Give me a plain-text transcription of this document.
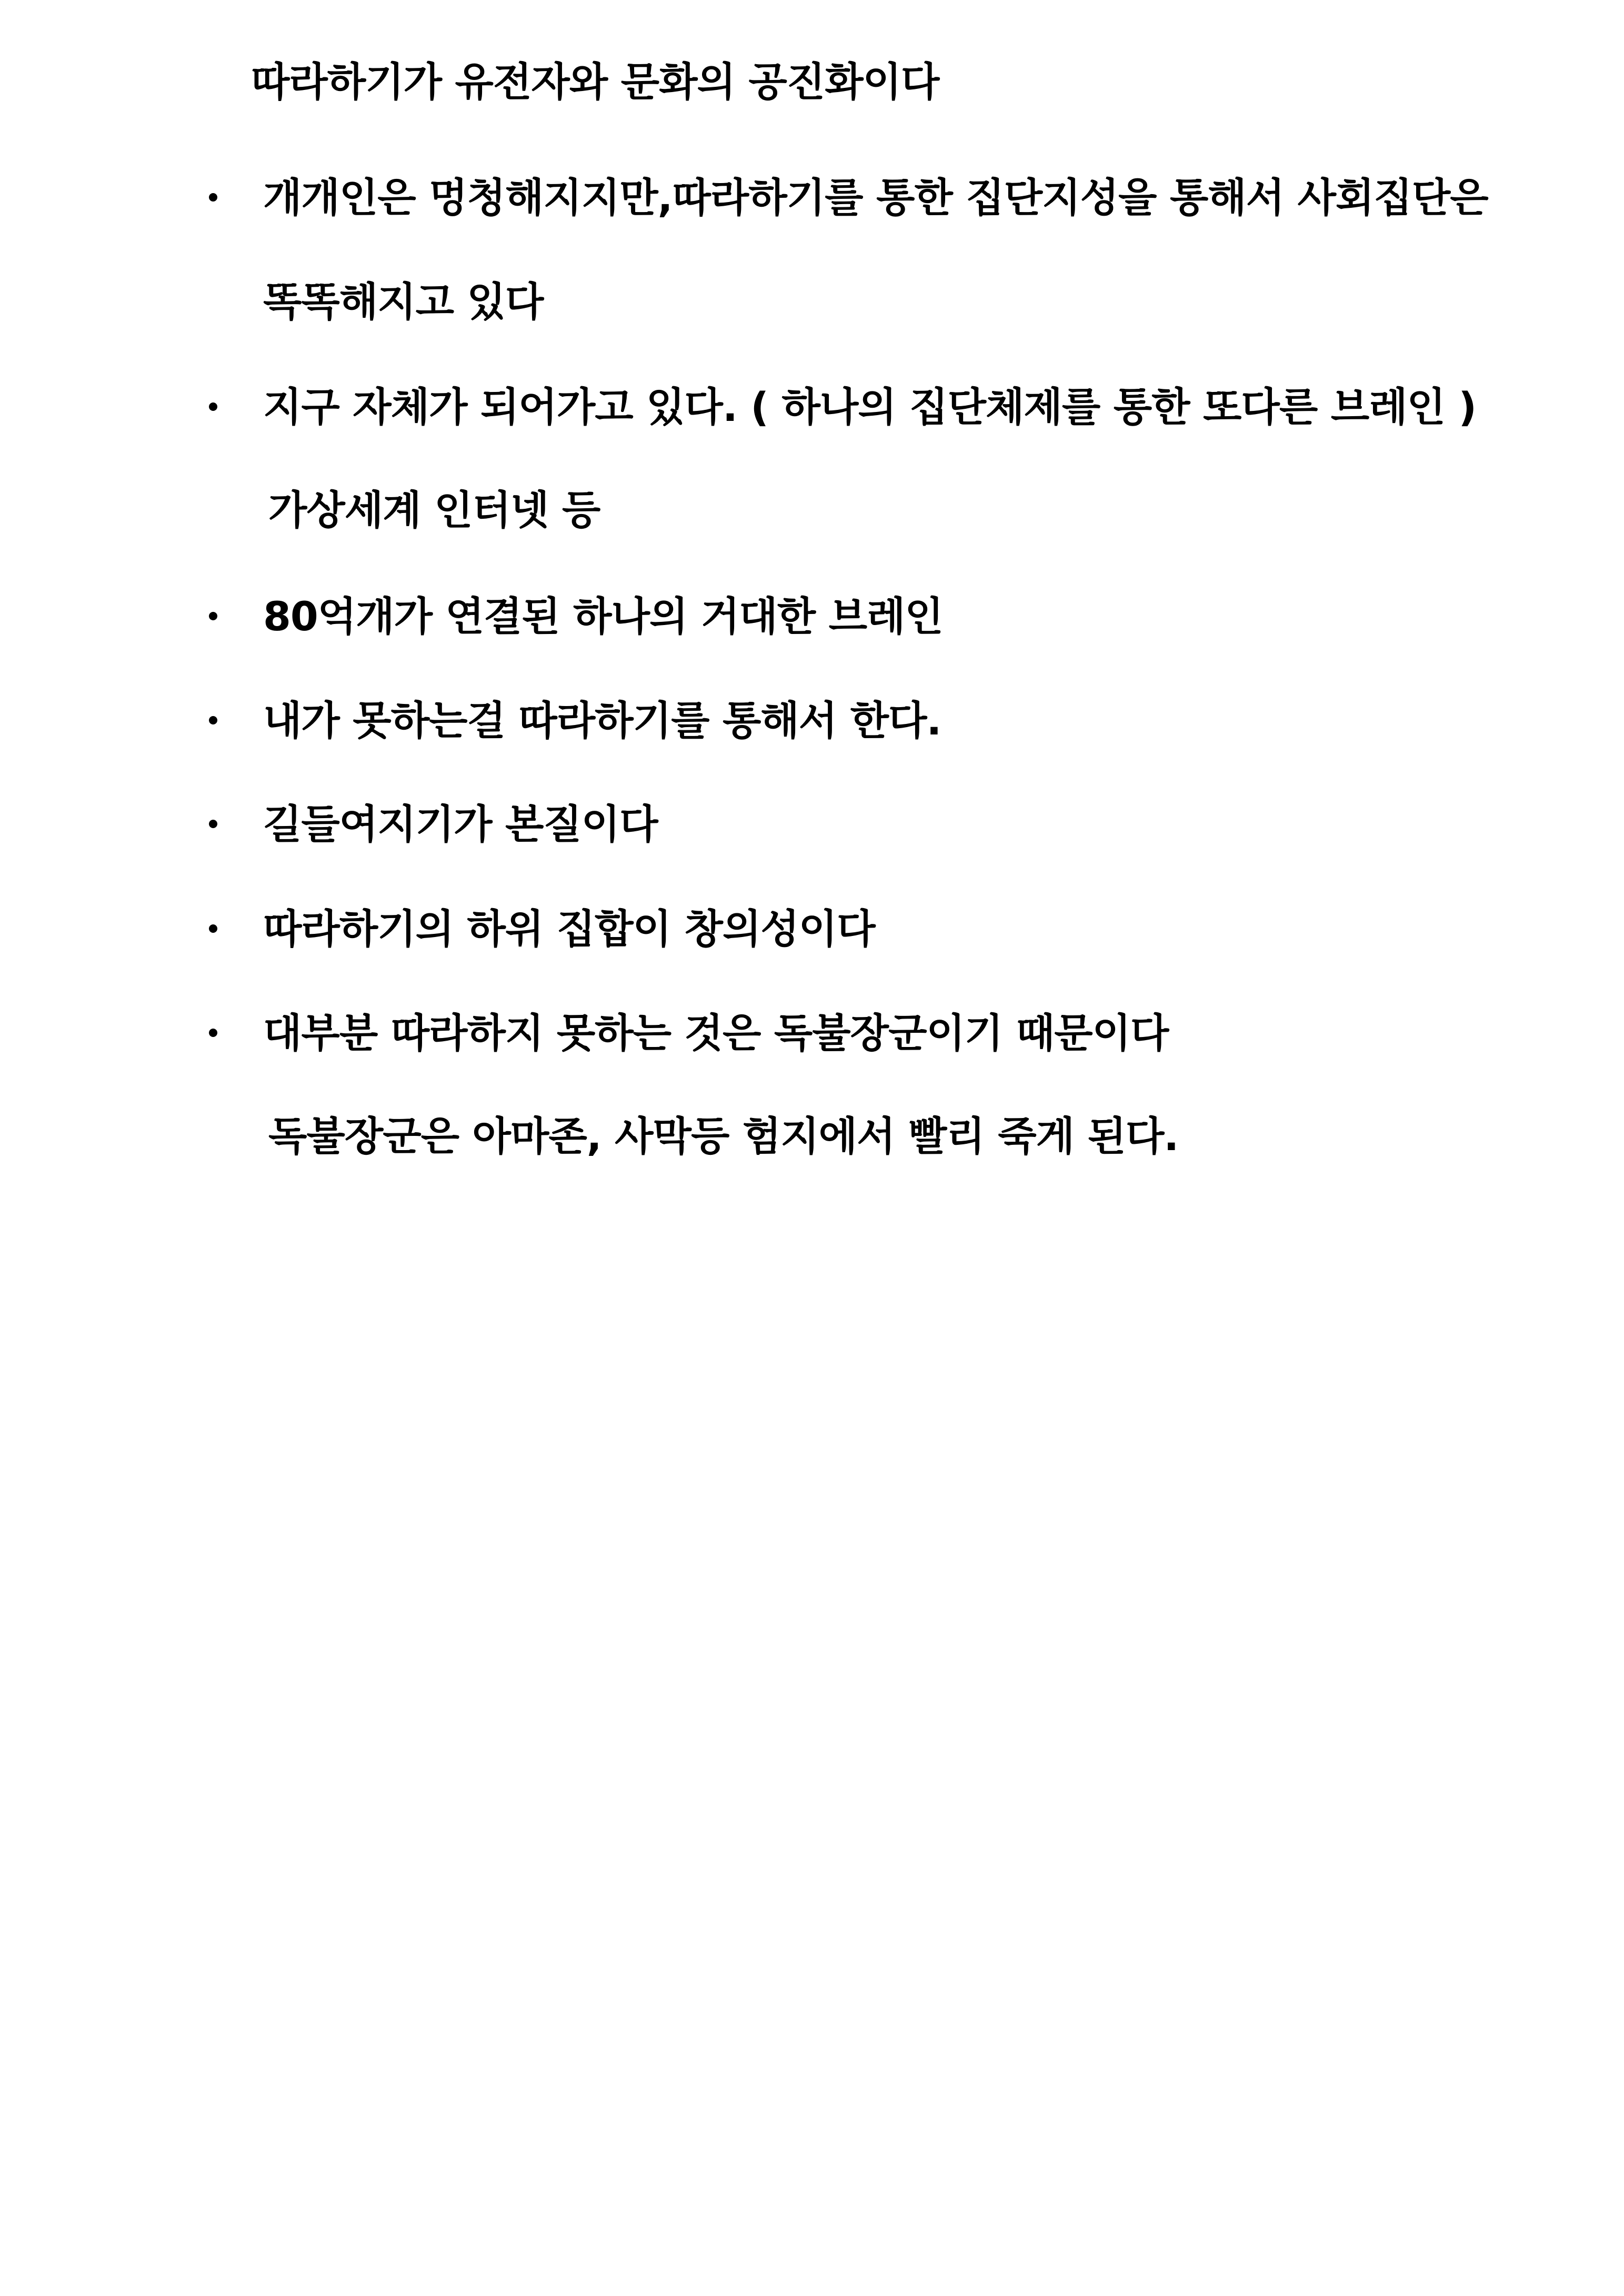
따라하기가 유전자와 문화의 공진화이다
개개인은 멍청해지지만,따라하기를 통한 집단지성을 통해서 사회집단은
똑똑해지고 있다
지구 자체가 되어가고 있다. ( 하나의 집단체제를 통한 또다른 브레인 )
가상세계 인터넷 등
80억개가 연결된 하나의 거대한 브레인
내가 못하는걸 따라하기를 통해서 한다.
길들여지기가 본질이다
따라하기의 하위 집합이 창의성이다
대부분 따라하지 못하는 것은 독불장군이기 때문이다
독불장군은 아마존, 사막등 험지에서 빨리 죽게 된다.
